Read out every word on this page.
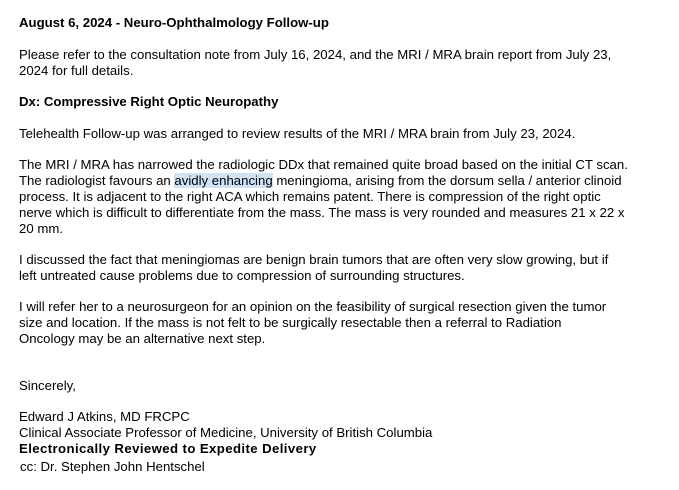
August 6, 2024 - Neuro-Ophthalmology Follow-up

Please refer to the consultation note from July 16, 2024, and the MRI / MRA brain report from July 23, 2024 for full details.

Dx: Compressive Right Optic Neuropathy

Telehealth Follow-up was arranged to review results of the MRI / MRA brain from July 23, 2024.

The MRI / MRA has narrowed the radiologic DDx that remained quite broad based on the initial CT scan. The radiologist favours an avidly enhancing meningioma, arising from the dorsum sella / anterior clinoid process. It is adjacent to the right ACA which remains patent. There is compression of the right optic nerve which is difficult to differentiate from the mass. The mass is very rounded and measures 21 x 22 x 20 mm.

I discussed the fact that meningiomas are benign brain tumors that are often very slow growing, but if left untreated cause problems due to compression of surrounding structures.

I will refer her to a neurosurgeon for an opinion on the feasibility of surgical resection given the tumor size and location. If the mass is not felt to be surgically resectable then a referral to Radiation Oncology may be an alternative next step.

Sincerely,
Edward J Atkins, MD FRCPC
Clinical Associate Professor of Medicine, University of British Columbia
Electronically Reviewed to Expedite Delivery
cc: Dr. Stephen John Hentschel
